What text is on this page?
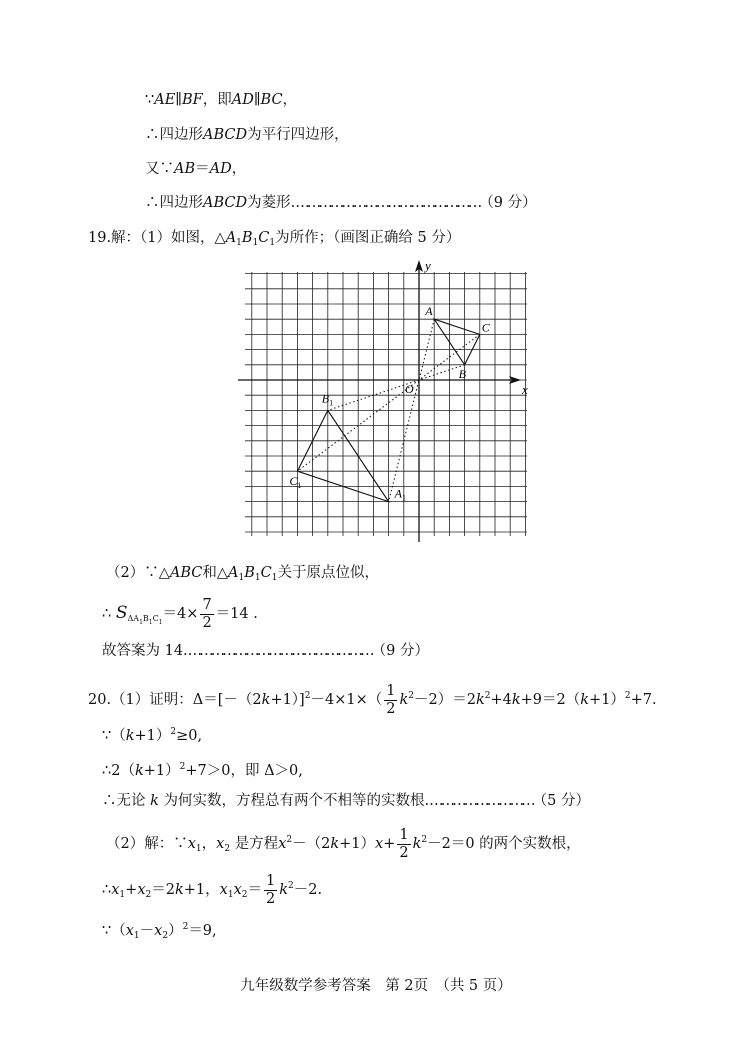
∵AE∥BF，即AD∥BC，
∴四边形ABCD为平行四边形，
又∵AB＝AD，
∴四边形ABCD为菱形.…………………………………………（9 分）
19.解：（1）如图，$\triangle A_1B_1C_1$为所作；（画图正确给 5 分）
x
y
O
A
B
C
$A_1$
$B_1$
$C_1$
（2）∵△ABC和$\triangle A_1B_1C_1$关于原点位似，
∴ $S_{\Delta A_1B_1C_1}=4\times \frac{7}{2} =14$ .
故答案为 14.…………………………………………（9 分）
20.（1）证明：$\Delta=[-(2k+1)]^2-4\times 1\times( \frac{1}{2} k^2-2)=2k^2+4k+9=2(k+1)^2+7$.
$\because(k+1)^2\ge 0$,
$\therefore 2(k+1)^2+7>0$，即 Δ＞0,
∴无论 k 为何实数，方程总有两个不相等的实数根.………………………（5 分）
（2）解：$\because x_1$，$x_2$ 是方程$x^2-(2k+1)x+ \frac{1}{2} k^2-2=0$ 的两个实数根，
$\therefore x_1+x_2=2k+1$，$x_1x_2= \frac{1}{2} k^2-2$.
$\because(x_1-x_2)^2=9$,
九年级数学参考答案　第 2页　（共 5 页）
